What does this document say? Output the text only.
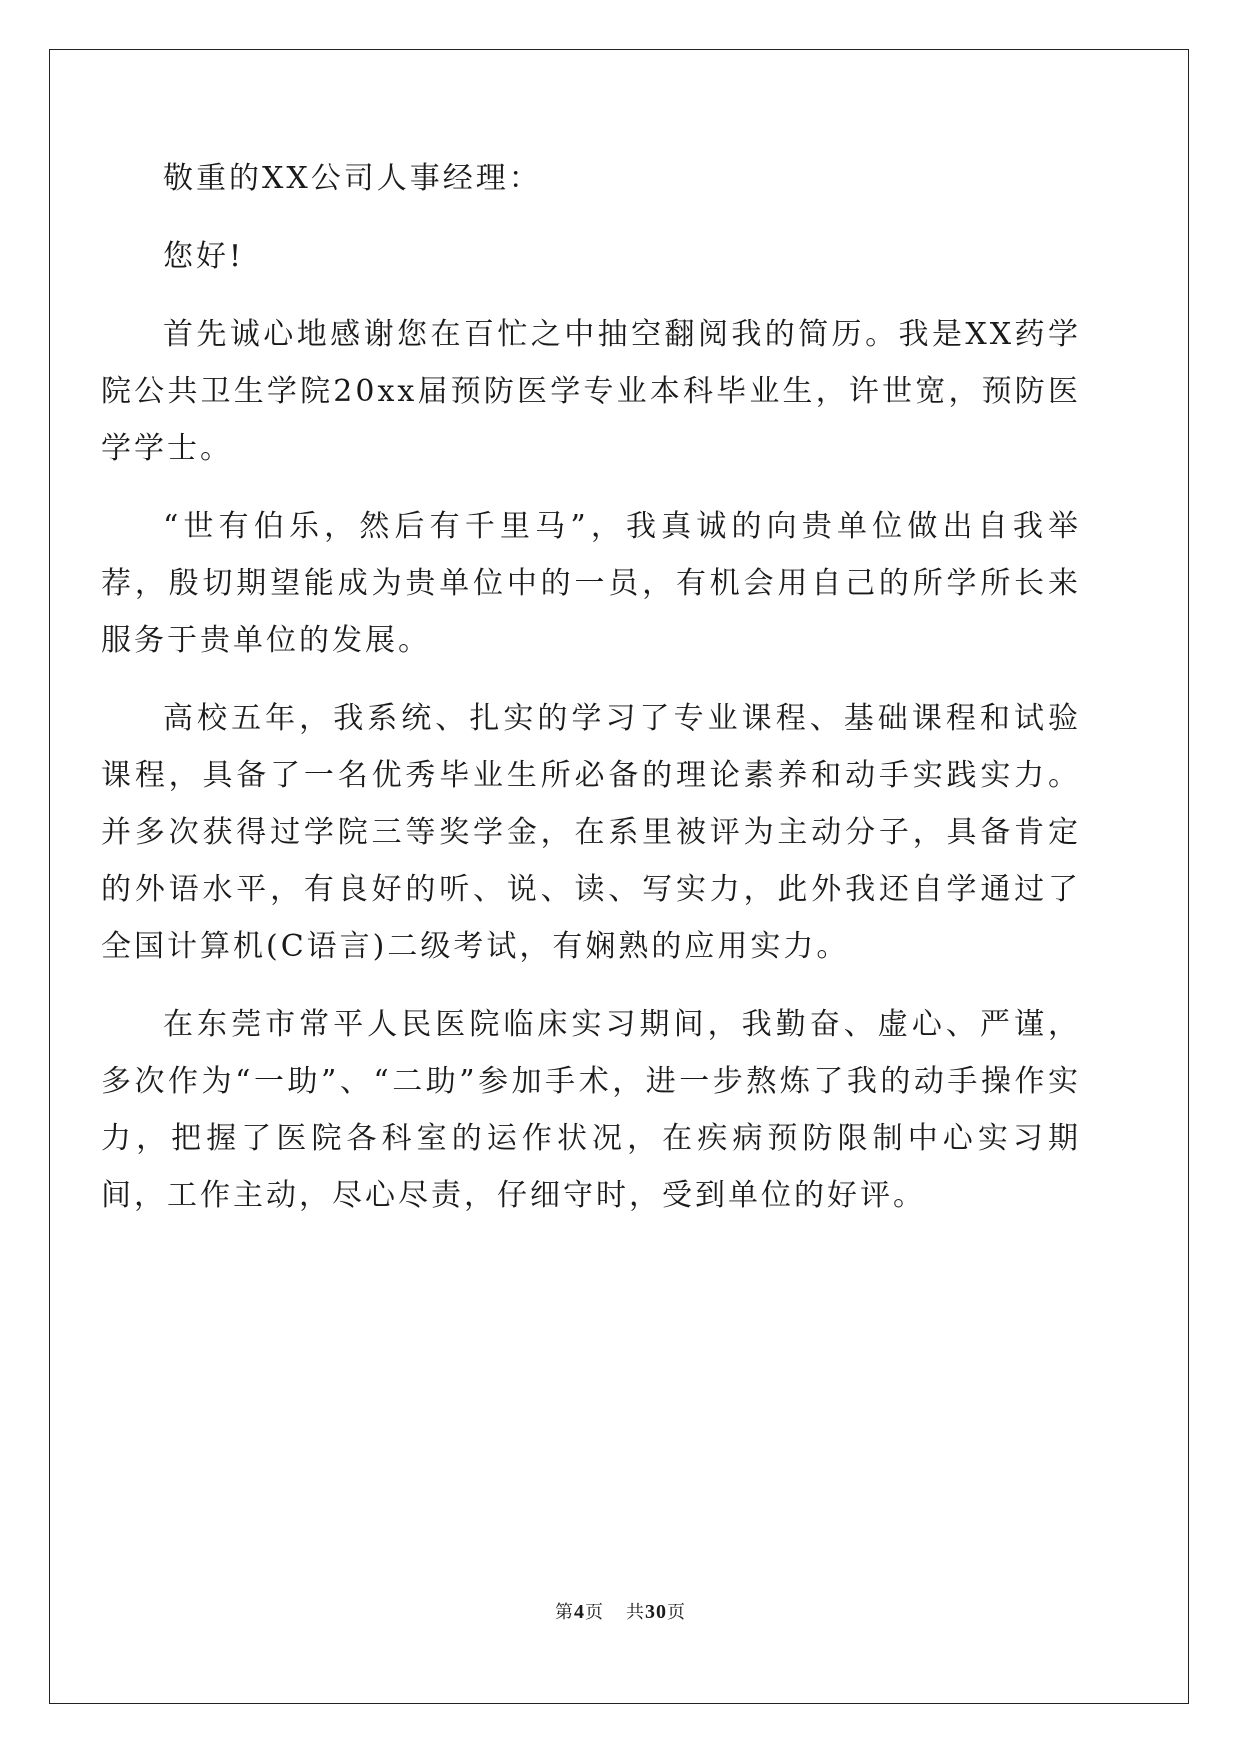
敬重的XX公司人事经理：

您好!

首先诚心地感谢您在百忙之中抽空翻阅我的简历。我是XX药学院公共卫生学院20xx届预防医学专业本科毕业生，许世宽，预防医学学士。

“世有伯乐，然后有千里马”，我真诚的向贵单位做出自我举荐，殷切期望能成为贵单位中的一员，有机会用自己的所学所长来服务于贵单位的发展。

高校五年，我系统、扎实的学习了专业课程、基础课程和试验课程，具备了一名优秀毕业生所必备的理论素养和动手实践实力。并多次获得过学院三等奖学金，在系里被评为主动分子，具备肯定的外语水平，有良好的听、说、读、写实力，此外我还自学通过了全国计算机(C语言)二级考试，有娴熟的应用实力。

在东莞市常平人民医院临床实习期间，我勤奋、虚心、严谨，多次作为“一助”、“二助”参加手术，进一步熬炼了我的动手操作实力，把握了医院各科室的运作状况，在疾病预防限制中心实习期间，工作主动，尽心尽责，仔细守时，受到单位的好评。

第4页 共30页
